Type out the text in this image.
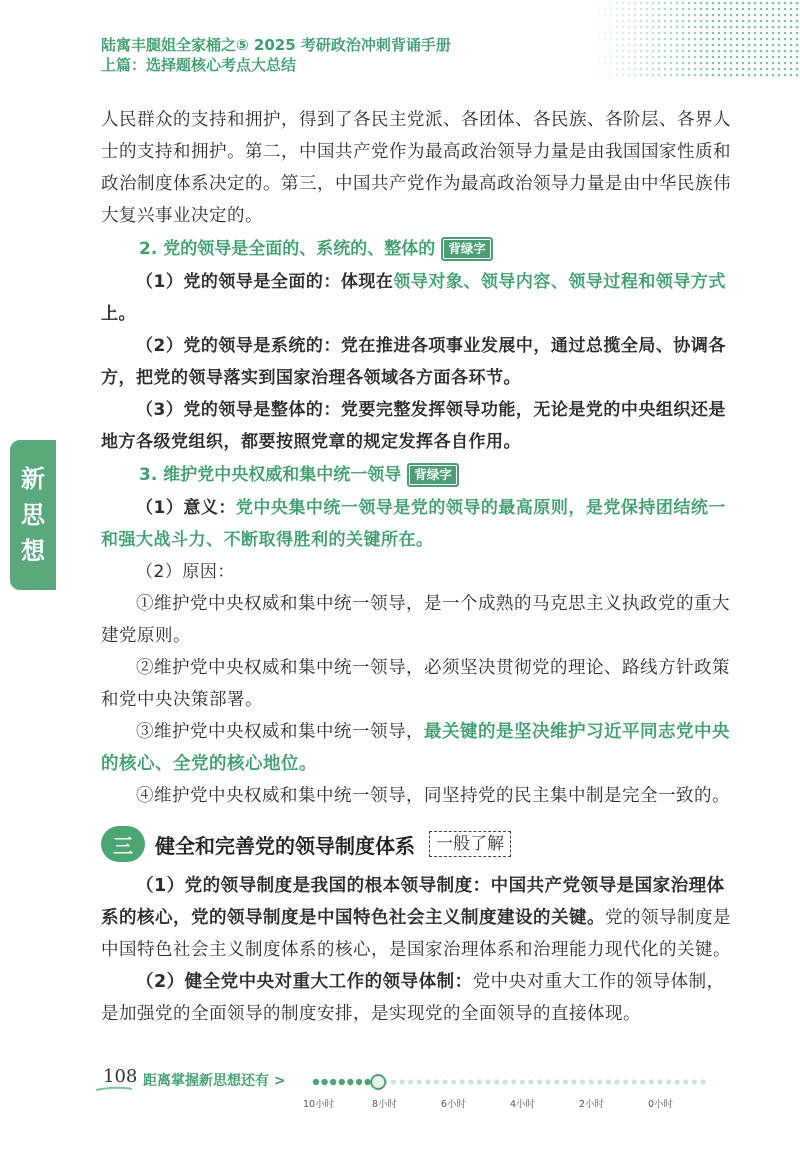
陆寓丰腿姐全家桶之⑤ 2025 考研政治冲刺背诵手册
上篇：选择题核心考点大总结
新
思
想

人民群众的支持和拥护，得到了各民主党派、各团体、各民族、各阶层、各界人士的支持和拥护。第二，中国共产党作为最高政治领导力量是由我国国家性质和政治制度体系决定的。第三，中国共产党作为最高政治领导力量是由中华民族伟大复兴事业决定的。

2. 党的领导是全面的、系统的、整体的	背绿字

（1）党的领导是全面的：体现在领导对象、领导内容、领导过程和领导方式上。

（2）党的领导是系统的：党在推进各项事业发展中，通过总揽全局、协调各方，把党的领导落实到国家治理各领域各方面各环节。

（3）党的领导是整体的：党要完整发挥领导功能，无论是党的中央组织还是地方各级党组织，都要按照党章的规定发挥各自作用。

3. 维护党中央权威和集中统一领导	背绿字

（1）意义：党中央集中统一领导是党的领导的最高原则，是党保持团结统一和强大战斗力、不断取得胜利的关键所在。

（2）原因：

①维护党中央权威和集中统一领导，是一个成熟的马克思主义执政党的重大建党原则。

②维护党中央权威和集中统一领导，必须坚决贯彻党的理论、路线方针政策和党中央决策部署。

③维护党中央权威和集中统一领导，最关键的是坚决维护习近平同志党中央的核心、全党的核心地位。

④维护党中央权威和集中统一领导，同坚持党的民主集中制是完全一致的。

三	健全和完善党的领导制度体系	一般了解

（1）党的领导制度是我国的根本领导制度：中国共产党领导是国家治理体系的核心，党的领导制度是中国特色社会主义制度建设的关键。党的领导制度是中国特色社会主义制度体系的核心，是国家治理体系和治理能力现代化的关键。

（2）健全党中央对重大工作的领导体制：党中央对重大工作的领导体制，是加强党的全面领导的制度安排，是实现党的全面领导的直接体现。

108 距离掌握新思想还有 >
10小时	8小时	6小时	4小时	2小时	0小时
